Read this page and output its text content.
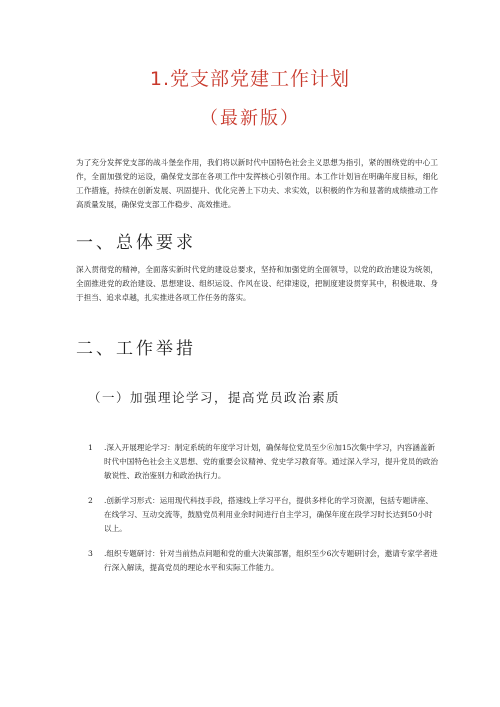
1.党支部党建工作计划
（最新版）

为了充分发挥党支部的战斗堡垒作用，我们将以新时代中国特色社会主义思想为指引，紧的围绕党的中心工作，全面加强党的运设，确保党支部在各项工作中发挥核心引领作用。本工作计划旨在明确年度目标，细化工作措施，持续在创新发展、巩固提升、优化完善上下功夫、求实效，以积极的作为和显著的成绩推动工作高质量发展，确保党支部工作稳步、高效推进。

一、总体要求

深入贯彻党的精神，全面落实新时代党的建设总要求，坚持和加强党的全面领导，以党的政治建设为统领，全面推进党的政治建设、思想建设、组织运设、作风在设、纪律速设，把制度建设贯穿其中，积极进取、身于担当、追求卓越，扎实推进各项工作任务的落实。

二、工作举措
（一）加强理论学习，提高党员政治素质
1 .深入开展理论学习：制定系统的年度学习计划，确保每位党员至少⑥加15次集中学习，内容涵盖新时代中国特色社会主义思想、党的重要会议精神、党史学习教育等。通过深入学习，提升党员的政治敏说性、政治鉴别力和政治执行力。
2 .创新学习形式：运用现代科技手段，搭速线上学习平台，提供多样化的学习资源，包括专题讲座、在线学习、互动交流等，鼓励党员利用业余时间进行自主学习，确保年度在段学习时长达到50小时以上。
3 .组织专题研讨：针对当前热点问题和党的重大决策部署，组织至少6次专题研讨会，邀请专家学者进行深入解读，提高党员的理论水平和实际工作能力。
